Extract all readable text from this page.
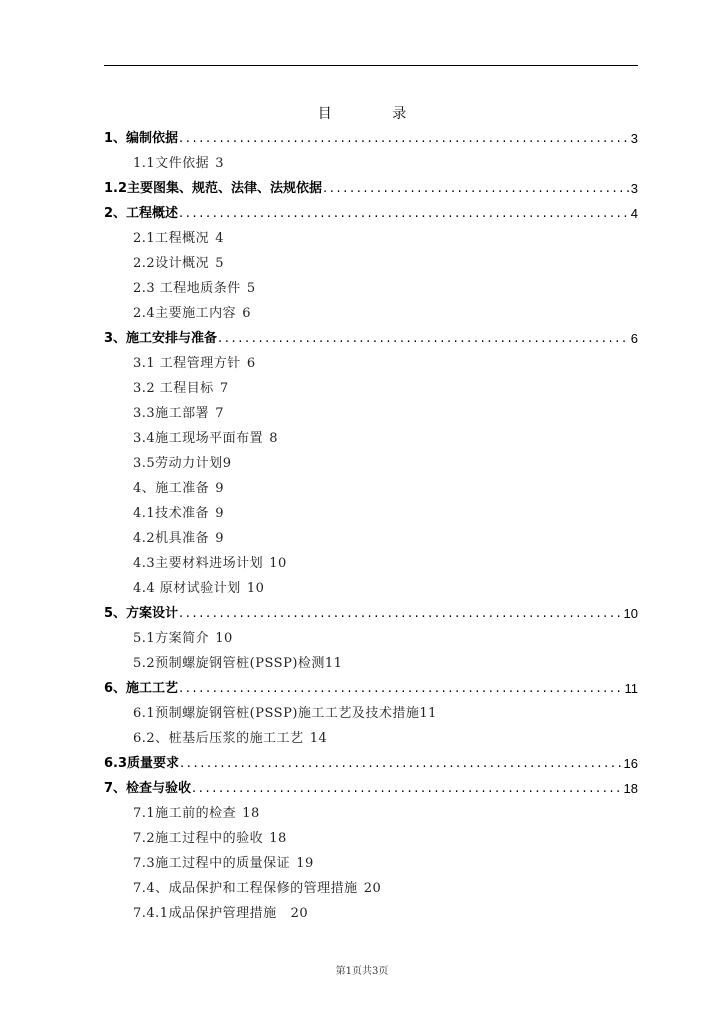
目 录
1、编制依据 .....	3
1.1文件依据 3
1.2主要图集、规范、法律、法规依据 .....	3
2、工程概述 .....	4
2.1工程概况 4
2.2设计概况 5
2.3 工程地质条件 5
2.4主要施工内容 6
3、施工安排与准备 .....	6
3.1 工程管理方针 6
3.2 工程目标 7
3.3施工部署 7
3.4施工现场平面布置 8
3.5劳动力计划9
4、施工准备 9
4.1技术准备 9
4.2机具准备 9
4.3主要材料进场计划 10
4.4 原材试验计划 10
5、方案设计 .....	10
5.1方案简介 10
5.2预制螺旋钢管桩(PSSP)检测11
6、施工工艺 .....	11
6.1预制螺旋钢管桩(PSSP)施工工艺及技术措施11
6.2、桩基后压浆的施工工艺 14
6.3质量要求 .....	16
7、检查与验收 .....	18
7.1施工前的检查 18
7.2施工过程中的验收 18
7.3施工过程中的质量保证 19
7.4、成品保护和工程保修的管理措施 20
7.4.1成品保护管理措施 20
第1页共3页
